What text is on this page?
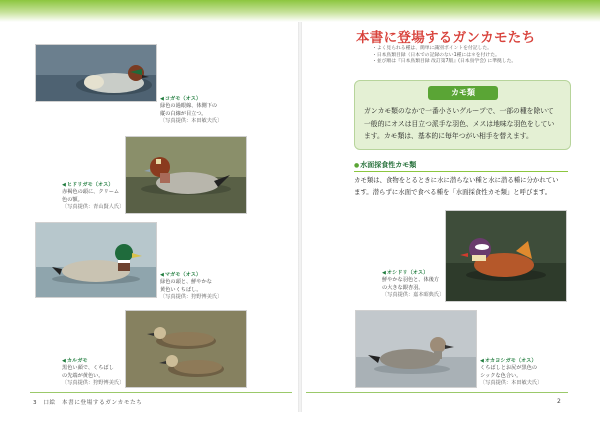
◀ コガモ（オス）
緑色の過眼線、体側下の
縦の白線が目立つ。
〔写真提供：本田敏夫氏〕
◀ ヒドリガモ（オス）
赤褐色の頭に、クリーム
色の額。
〔写真提供：青山賢人氏〕
◀ マガモ（オス）
緑色の頭と、鮮やかな
黄色いくちばし。
〔写真提供：狩野博美氏〕
◀ カルガモ
黒色い顔で、くちばし
の先端が黄色い。
〔写真提供：狩野博美氏〕
本書に登場するガンカモたち
・ よく見られる種は、簡単に識別ポイントを付記した。
・ 日本鳥類目録（日本での記録のない1種には＊を付けた。
・ 並び順は『日本鳥類目録 改訂第7版』(日本鳥学会) に準拠した。
カモ類
ガンカモ類のなかで一番小さいグループで、一部の種を除いて
一般的にオスは目立つ派手な羽色、メスは地味な羽色をしてい
ます。カモ類は、基本的に毎年つがい相手を替えます。
● 水面採食性カモ類
カモ類は、食物をとるときに水に潜らない種と水に潜る種に分かれてい
ます。潜らずに水面で食べる種を「水面採食性カモ類」と呼びます。
◀ オシドリ（オス）
鮮やかな羽色と、体後方
の大きな銀杏羽。
〔写真提供：嘉本昭典氏〕
◀ オカヨシガモ（オス）
くちばしとお尻が黒色の
シックな色合い。
〔写真提供：本田敏夫氏〕
3　口絵　本書に登場するガンカモたち	2
